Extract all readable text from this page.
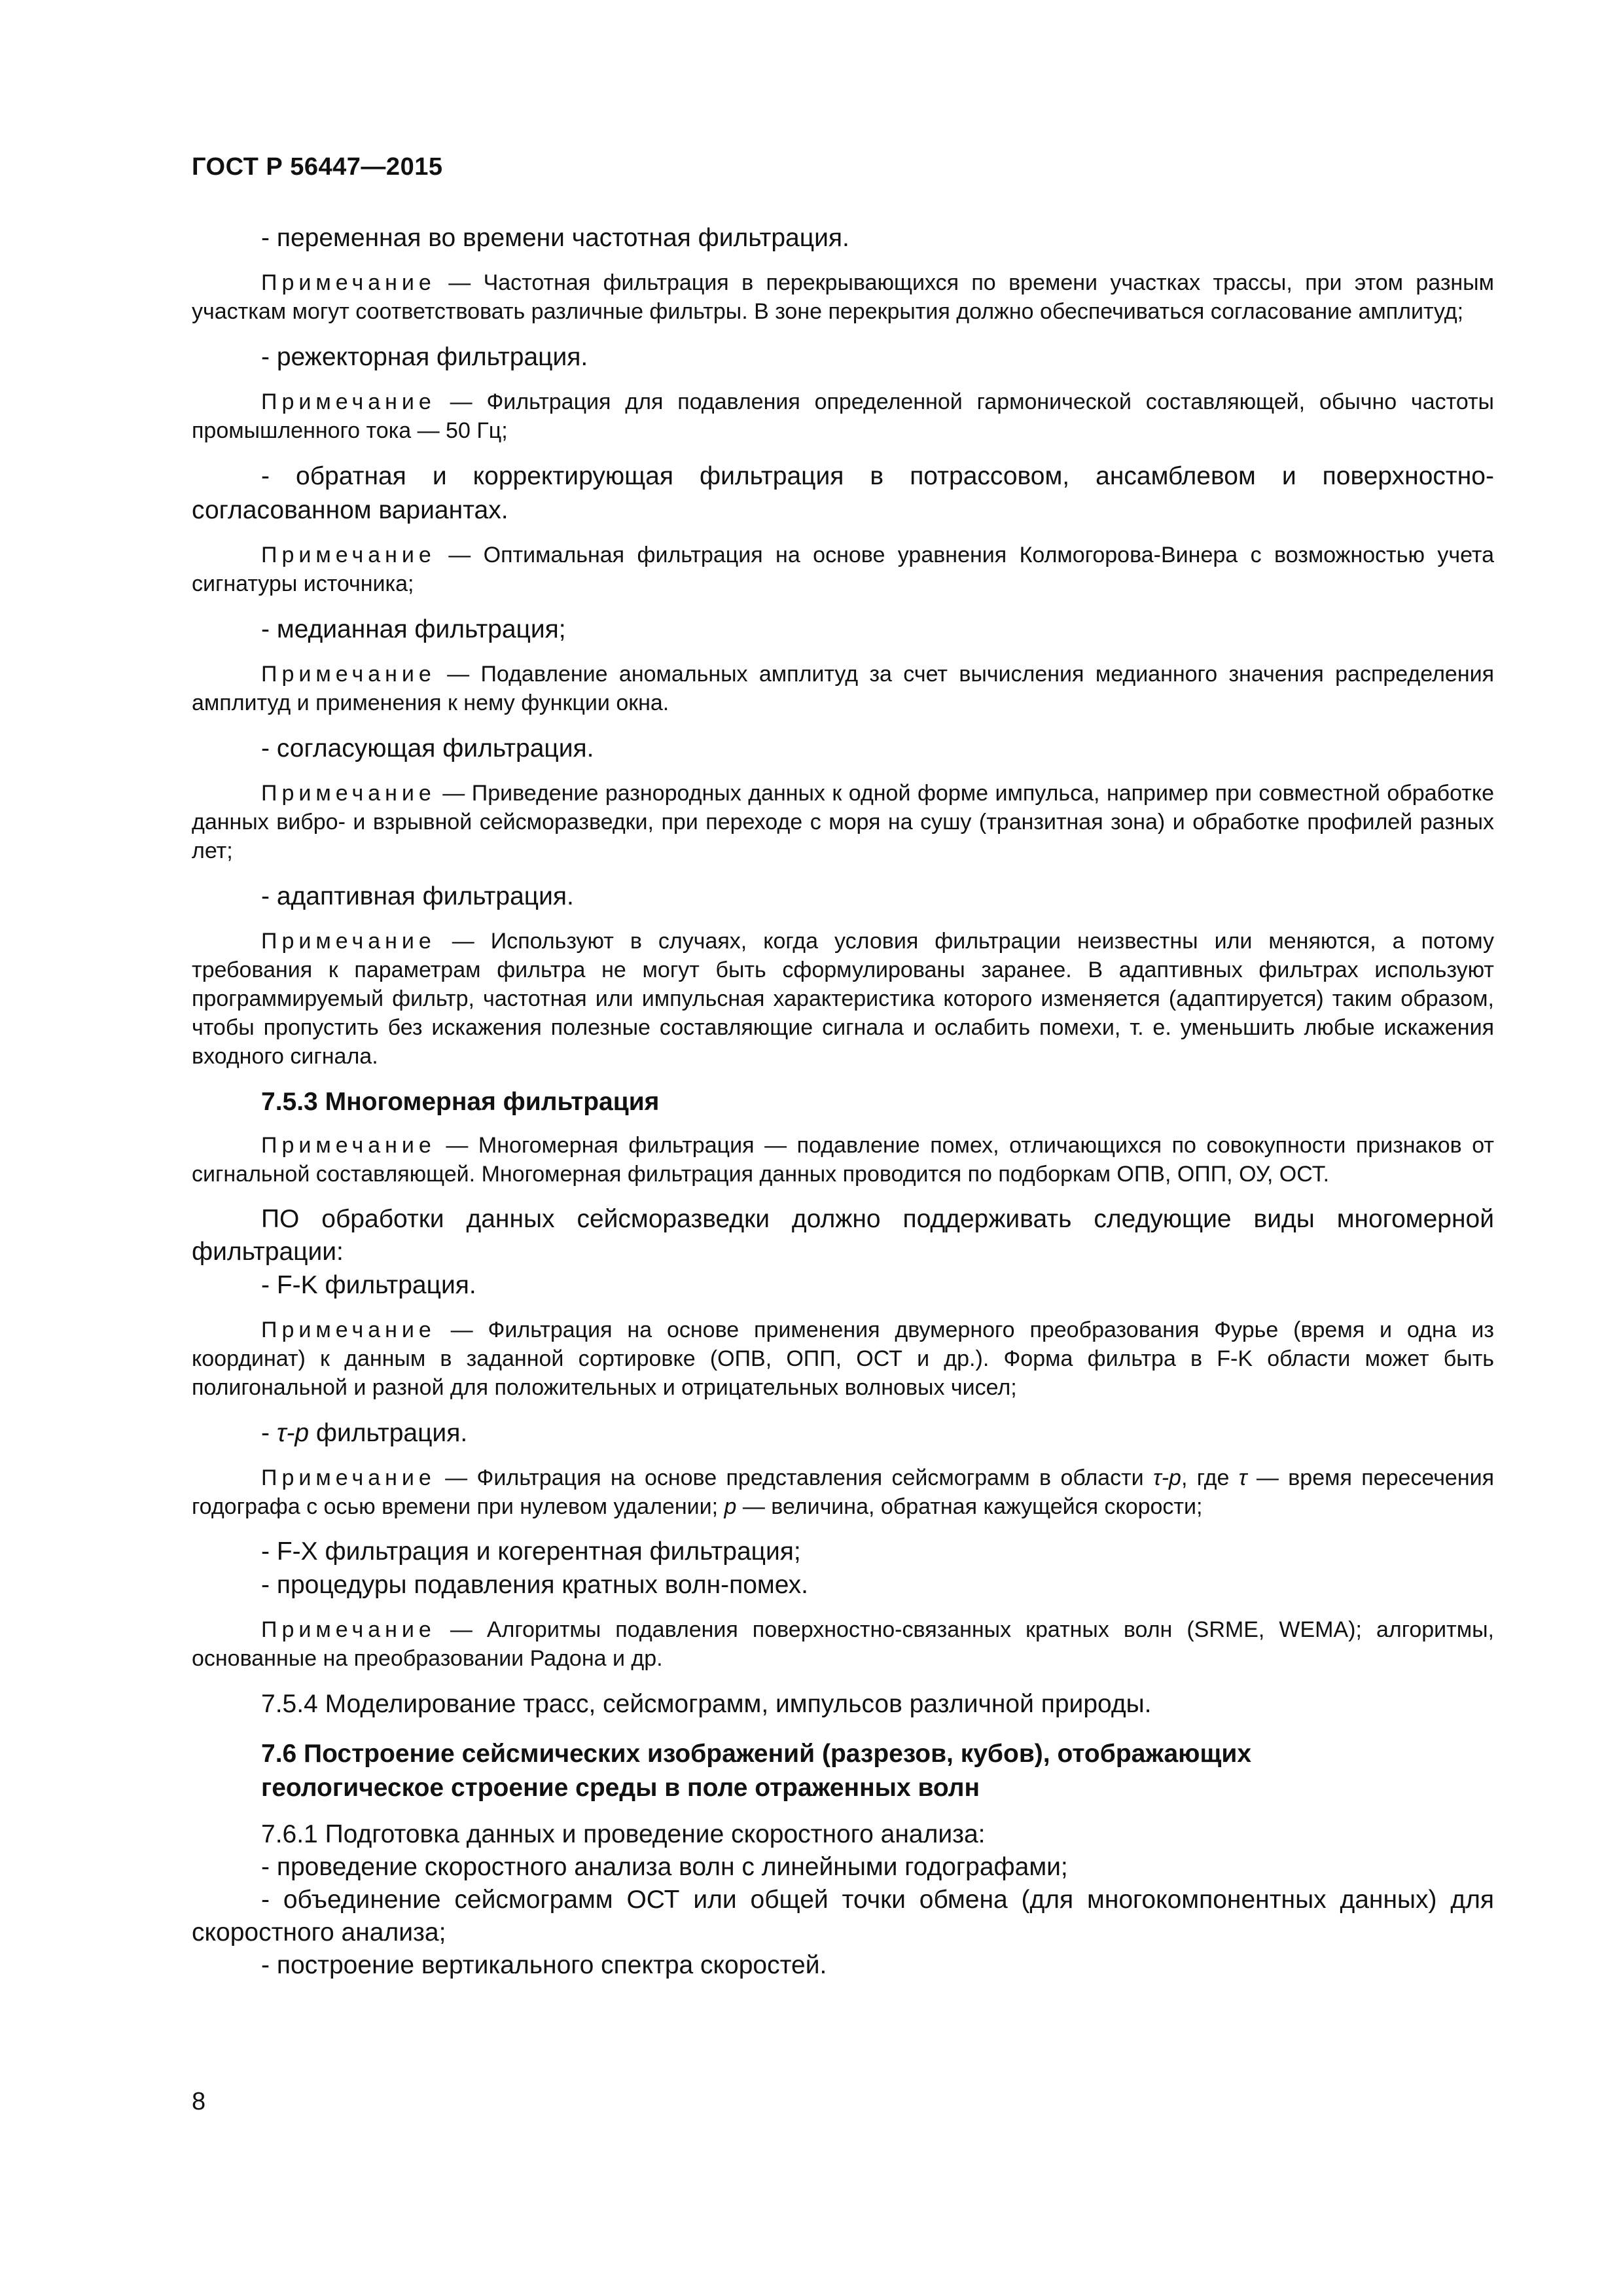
ГОСТ Р 56447—2015

- переменная во времени частотная фильтрация.

Примечание — Частотная фильтрация в перекрывающихся по времени участках трассы, при этом разным участкам могут соответствовать различные фильтры. В зоне перекрытия должно обеспечиваться согласование амплитуд;

- режекторная фильтрация.

Примечание — Фильтрация для подавления определенной гармонической составляющей, обычно частоты промышленного тока — 50 Гц;

- обратная и корректирующая фильтрация в потрассовом, ансамблевом и поверхностно-согласованном вариантах.

Примечание — Оптимальная фильтрация на основе уравнения Колмогорова-Винера с возможностью учета сигнатуры источника;

- медианная фильтрация;

Примечание — Подавление аномальных амплитуд за счет вычисления медианного значения распределения амплитуд и применения к нему функции окна.

- согласующая фильтрация.

Примечание — Приведение разнородных данных к одной форме импульса, например при совместной обработке данных вибро- и взрывной сейсморазведки, при переходе с моря на сушу (транзитная зона) и обработке профилей разных лет;

- адаптивная фильтрация.

Примечание — Используют в случаях, когда условия фильтрации неизвестны или меняются, а потому требования к параметрам фильтра не могут быть сформулированы заранее. В адаптивных фильтрах используют программируемый фильтр, частотная или импульсная характеристика которого изменяется (адаптируется) таким образом, чтобы пропустить без искажения полезные составляющие сигнала и ослабить помехи, т. е. уменьшить любые искажения входного сигнала.

7.5.3 Многомерная фильтрация

Примечание — Многомерная фильтрация — подавление помех, отличающихся по совокупности признаков от сигнальной составляющей. Многомерная фильтрация данных проводится по подборкам ОПВ, ОПП, ОУ, ОСТ.

ПО обработки данных сейсморазведки должно поддерживать следующие виды многомерной фильтрации:

- F-K фильтрация.

Примечание — Фильтрация на основе применения двумерного преобразования Фурье (время и одна из координат) к данным в заданной сортировке (ОПВ, ОПП, ОСТ и др.). Форма фильтра в F-K области может быть полигональной и разной для положительных и отрицательных волновых чисел;

- τ-p фильтрация.

Примечание — Фильтрация на основе представления сейсмограмм в области τ-p, где τ — время пересечения годографа с осью времени при нулевом удалении; p — величина, обратная кажущейся скорости;

- F-X фильтрация и когерентная фильтрация;

- процедуры подавления кратных волн-помех.

Примечание — Алгоритмы подавления поверхностно-связанных кратных волн (SRME, WEMA); алгоритмы, основанные на преобразовании Радона и др.

7.5.4 Моделирование трасс, сейсмограмм, импульсов различной природы.

7.6 Построение сейсмических изображений (разрезов, кубов), отображающих
геологическое строение среды в поле отраженных волн

7.6.1 Подготовка данных и проведение скоростного анализа:

- проведение скоростного анализа волн с линейными годографами;

- объединение сейсмограмм ОСТ или общей точки обмена (для многокомпонентных данных) для скоростного анализа;

- построение вертикального спектра скоростей.

8
